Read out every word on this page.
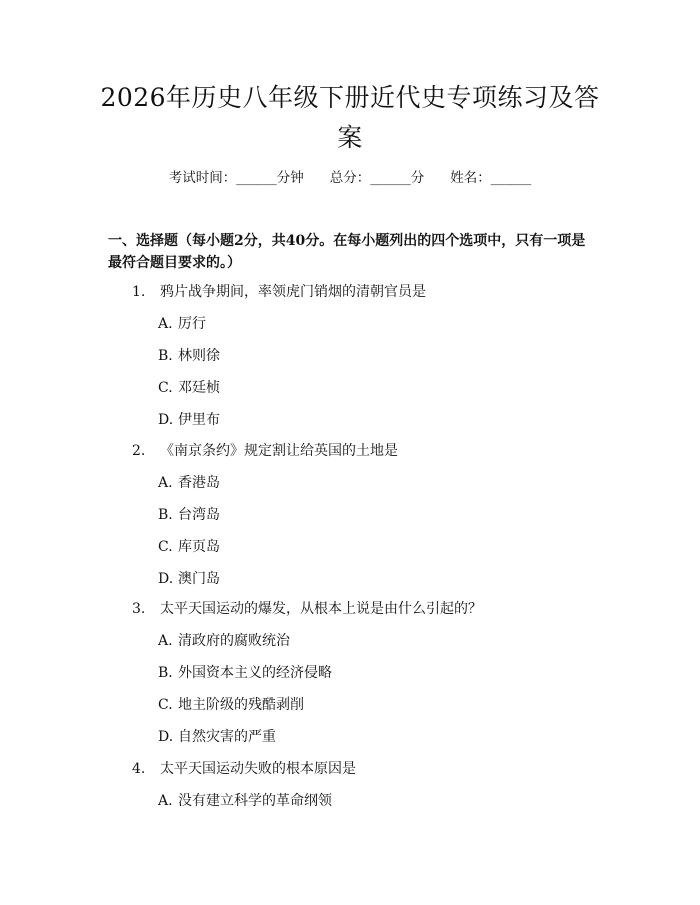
2026年历史八年级下册近代史专项练习及答案
考试时间：______分钟 总分：______分 姓名：______
一、选择题（每小题2分，共40分。在每小题列出的四个选项中，只有一项是最符合题目要求的。）
1. 鸦片战争期间，率领虎门销烟的清朝官员是
A. 厉行
B. 林则徐
C. 邓廷桢
D. 伊里布
2. 《南京条约》规定割让给英国的土地是
A. 香港岛
B. 台湾岛
C. 库页岛
D. 澳门岛
3. 太平天国运动的爆发，从根本上说是由什么引起的？
A. 清政府的腐败统治
B. 外国资本主义的经济侵略
C. 地主阶级的残酷剥削
D. 自然灾害的严重
4. 太平天国运动失败的根本原因是
A. 没有建立科学的革命纲领
